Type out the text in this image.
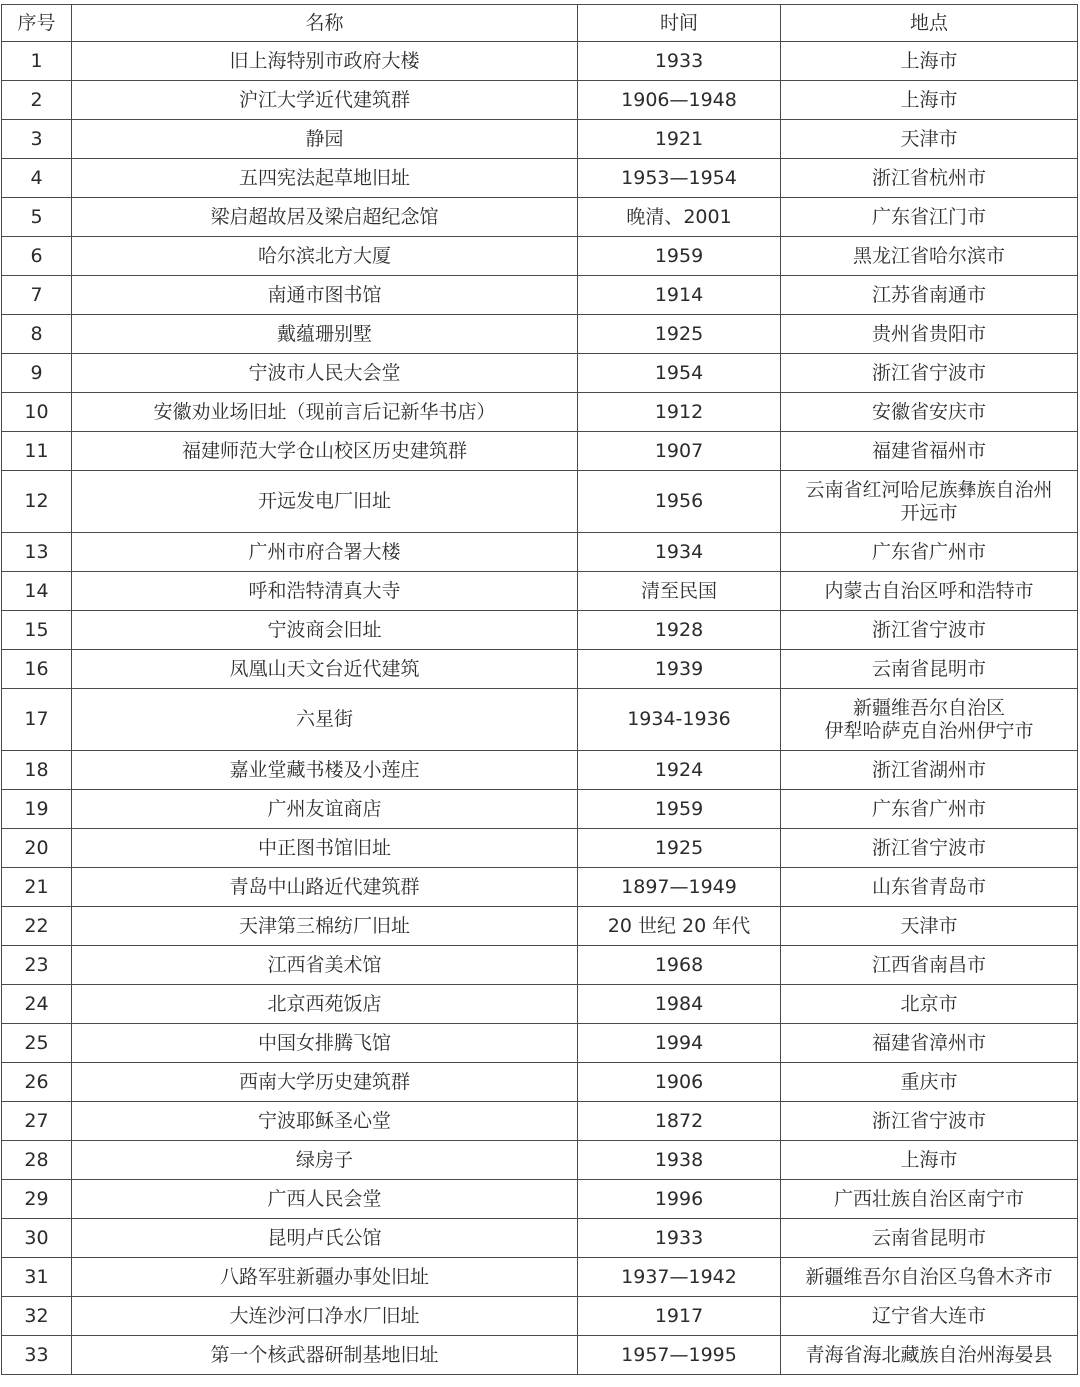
序号	名称	时间	地点
1	旧上海特别市政府大楼	1933	上海市

2	沪江大学近代建筑群	1906—1948	上海市

3	静园	1921	天津市

4	五四宪法起草地旧址	1953—1954	浙江省杭州市

5	梁启超故居及梁启超纪念馆	晚清、2001	广东省江门市

6	哈尔滨北方大厦	1959	黑龙江省哈尔滨市

7	南通市图书馆	1914	江苏省南通市

8	戴蕴珊别墅	1925	贵州省贵阳市

9	宁波市人民大会堂	1954	浙江省宁波市

10	安徽劝业场旧址（现前言后记新华书店）	1912	安徽省安庆市

11	福建师范大学仓山校区历史建筑群	1907	福建省福州市

12	开远发电厂旧址	1956	云南省红河哈尼族彝族自治州
开远市

13	广州市府合署大楼	1934	广东省广州市

14	呼和浩特清真大寺	清至民国	内蒙古自治区呼和浩特市

15	宁波商会旧址	1928	浙江省宁波市

16	凤凰山天文台近代建筑	1939	云南省昆明市

17	六星街	1934-1936	新疆维吾尔自治区
伊犁哈萨克自治州伊宁市

18	嘉业堂藏书楼及小莲庄	1924	浙江省湖州市

19	广州友谊商店	1959	广东省广州市

20	中正图书馆旧址	1925	浙江省宁波市

21	青岛中山路近代建筑群	1897—1949	山东省青岛市

22	天津第三棉纺厂旧址	20 世纪 20 年代	天津市

23	江西省美术馆	1968	江西省南昌市

24	北京西苑饭店	1984	北京市

25	中国女排腾飞馆	1994	福建省漳州市

26	西南大学历史建筑群	1906	重庆市

27	宁波耶稣圣心堂	1872	浙江省宁波市

28	绿房子	1938	上海市

29	广西人民会堂	1996	广西壮族自治区南宁市

30	昆明卢氏公馆	1933	云南省昆明市

31	八路军驻新疆办事处旧址	1937—1942	新疆维吾尔自治区乌鲁木齐市

32	大连沙河口净水厂旧址	1917	辽宁省大连市

33	第一个核武器研制基地旧址	1957—1995	青海省海北藏族自治州海晏县
